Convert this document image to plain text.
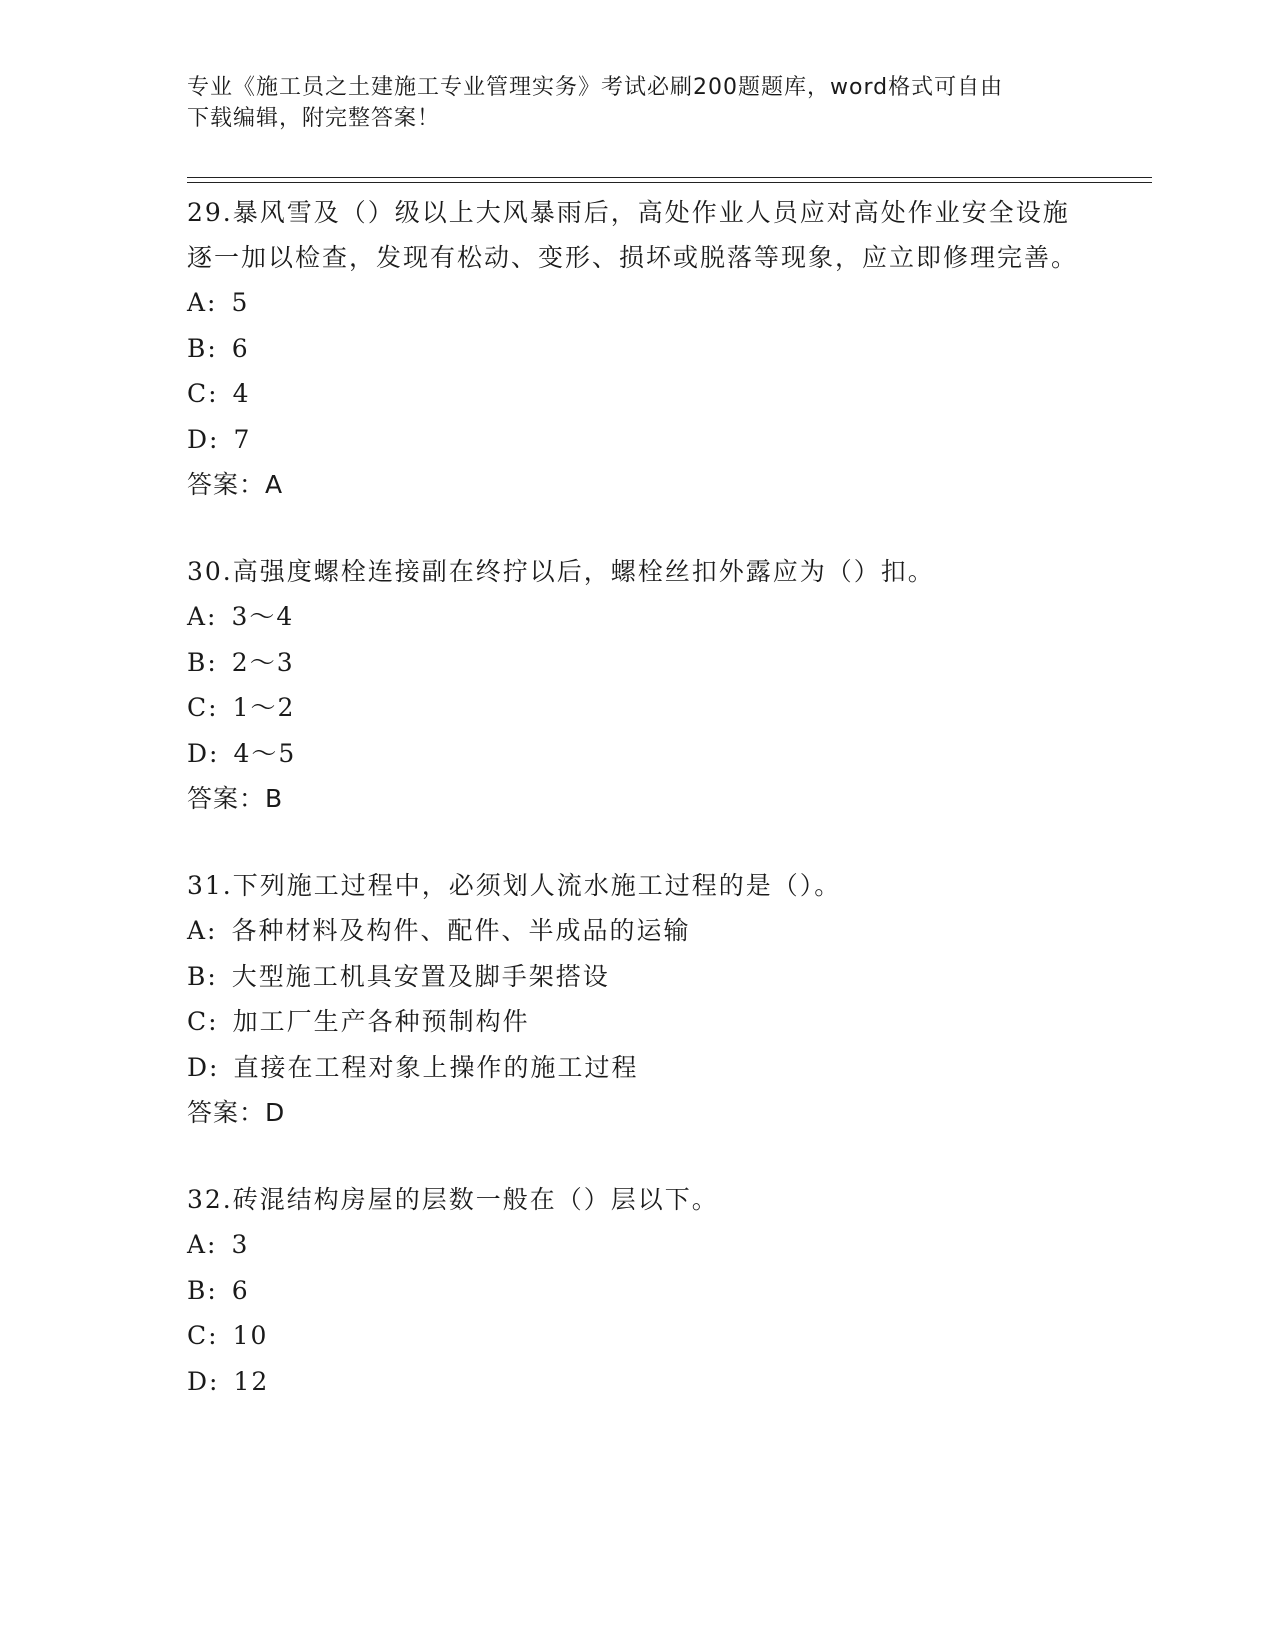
专业《施工员之土建施工专业管理实务》考试必刷200题题库，word格式可自由
下载编辑，附完整答案！

29.暴风雪及（）级以上大风暴雨后，高处作业人员应对高处作业安全设施逐一加以检查，发现有松动、变形、损坏或脱落等现象，应立即修理完善。

A: 5

B: 6

C: 4

D: 7

答案：A

30.高强度螺栓连接副在终拧以后，螺栓丝扣外露应为（）扣。

A: 3～4

B: 2～3

C: 1～2

D: 4～5

答案：B

31.下列施工过程中，必须划人流水施工过程的是（）。

A: 各种材料及构件、配件、半成品的运输

B: 大型施工机具安置及脚手架搭设

C: 加工厂生产各种预制构件

D: 直接在工程对象上操作的施工过程

答案：D

32.砖混结构房屋的层数一般在（）层以下。

A: 3

B: 6

C: 10

D: 12
